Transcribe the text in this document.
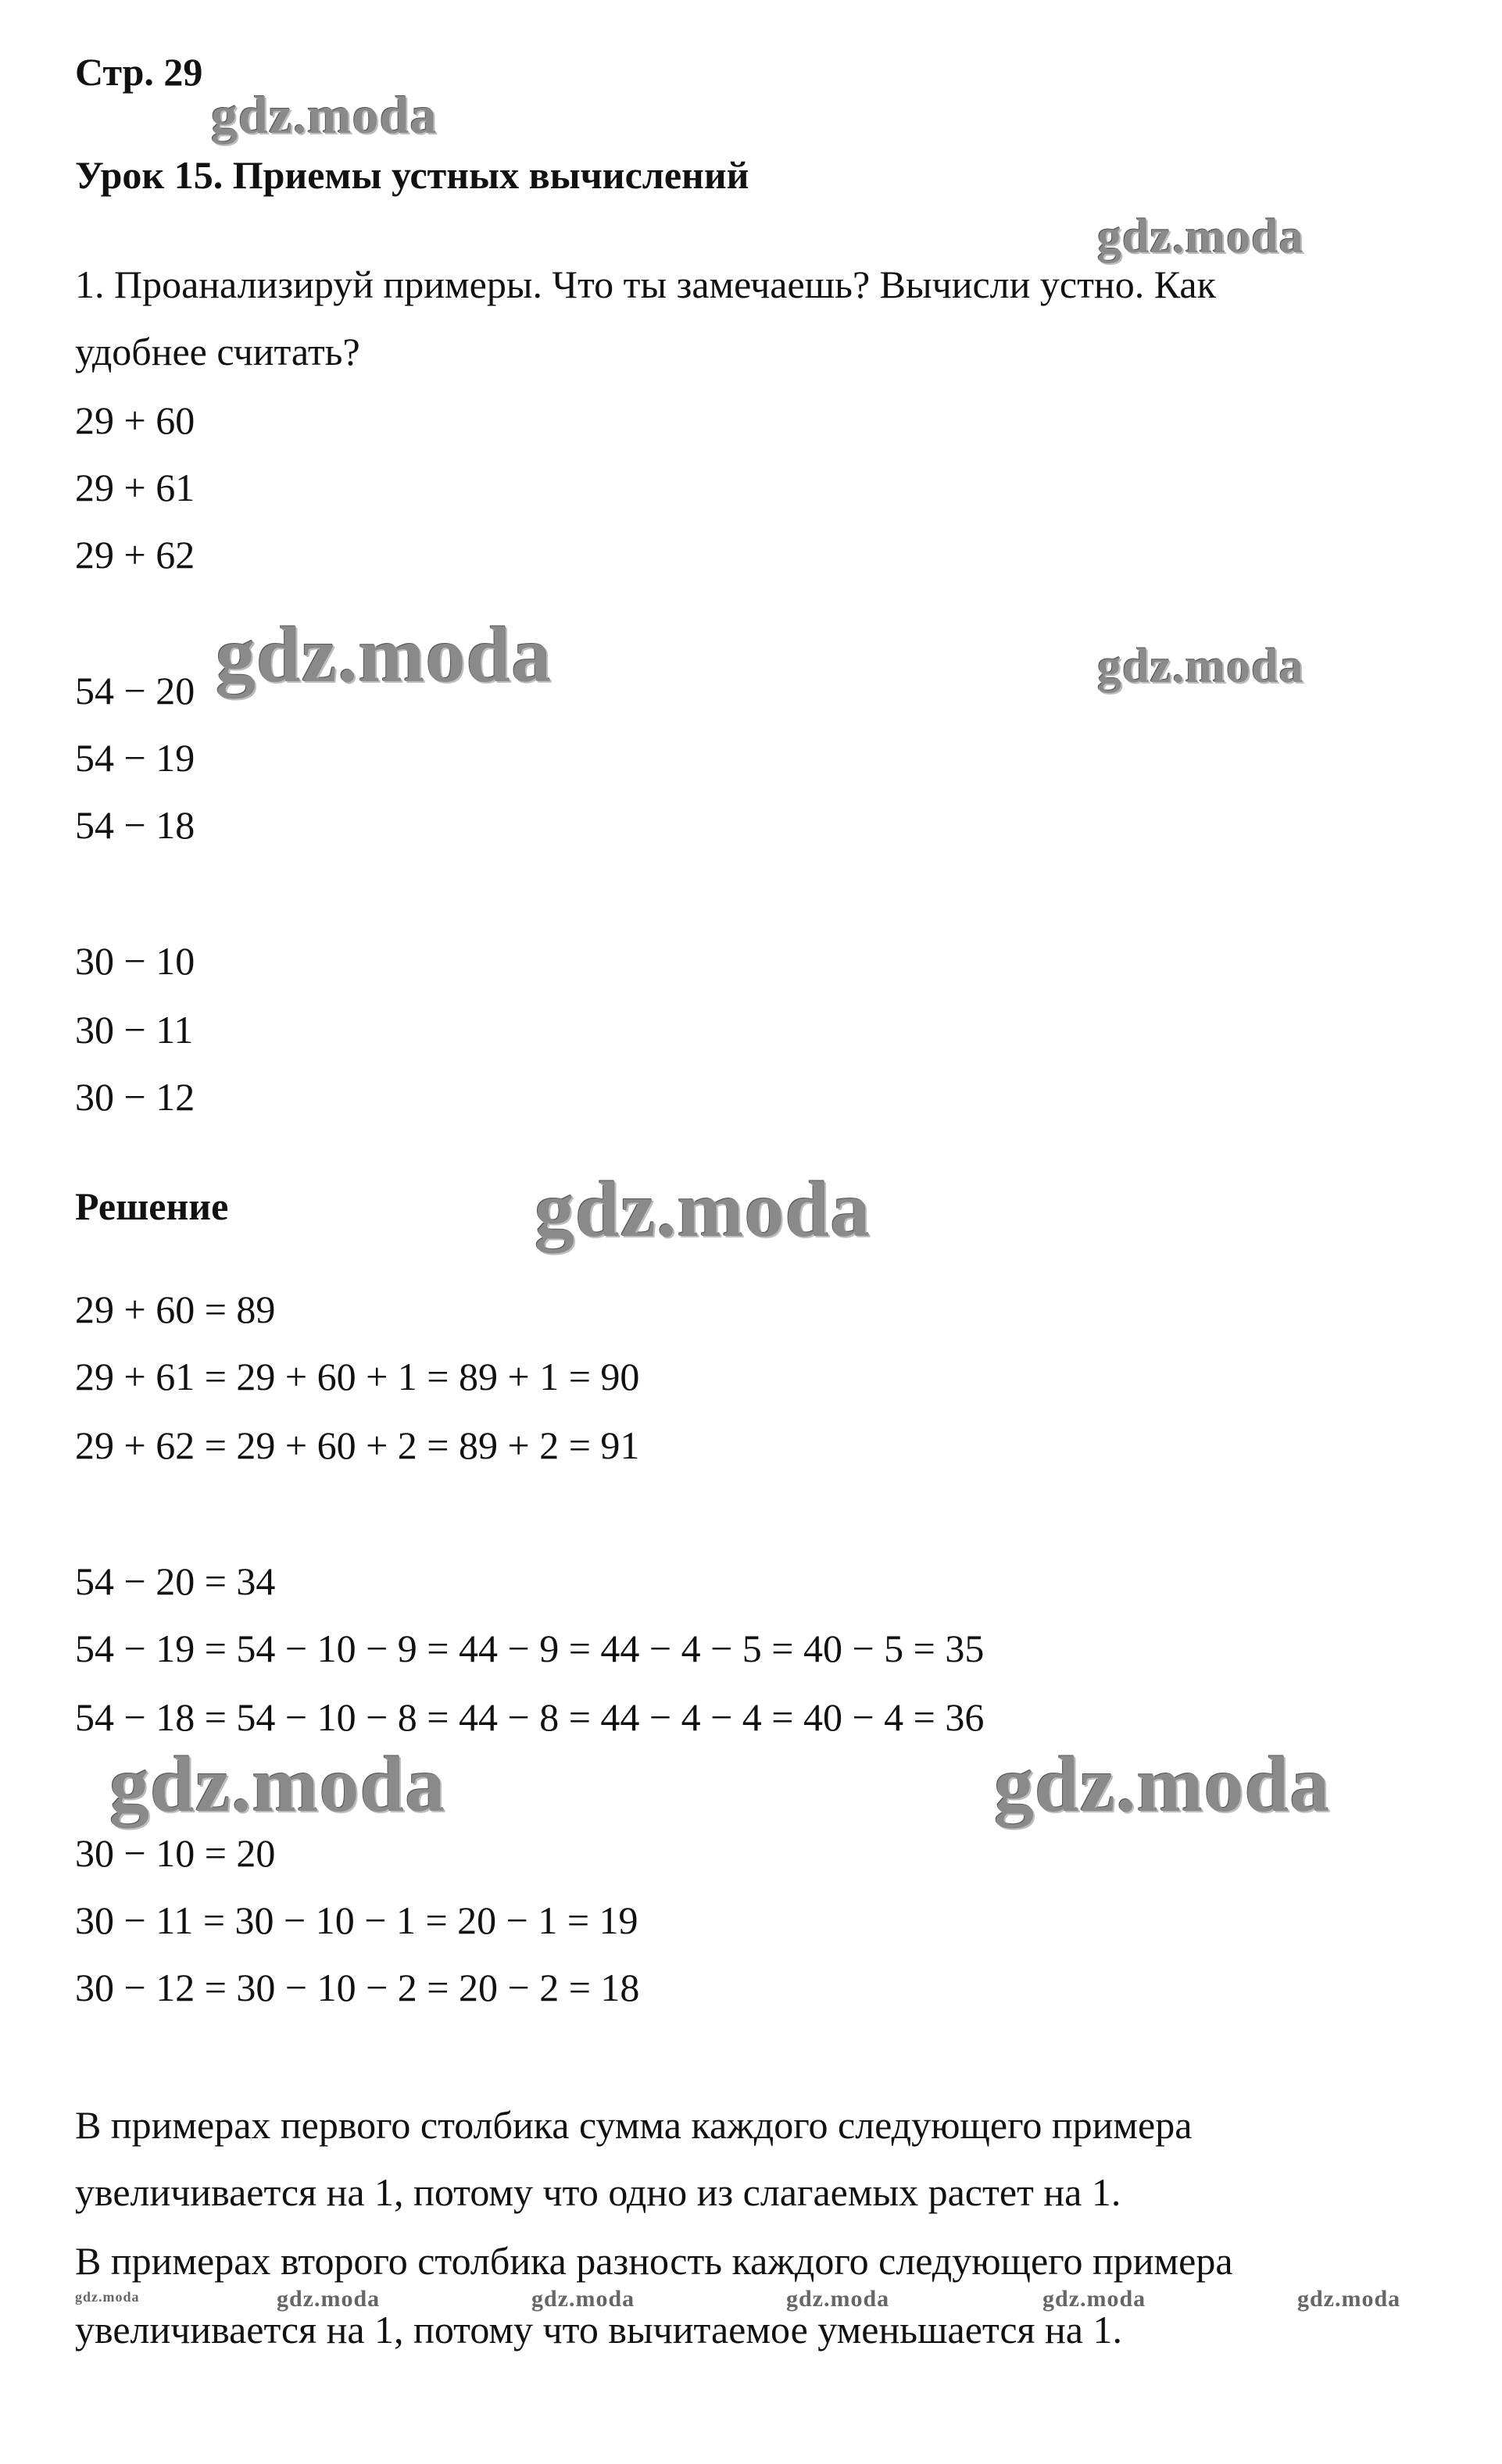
Стр. 29
Урок 15. Приемы устных вычислений
1. Проанализируй примеры. Что ты замечаешь? Вычисли устно. Как
удобнее считать?
29 + 60
29 + 61
29 + 62
54 − 20
54 − 19
54 − 18
30 − 10
30 − 11
30 − 12
Решение
29 + 60 = 89
29 + 61 = 29 + 60 + 1 = 89 + 1 = 90
29 + 62 = 29 + 60 + 2 = 89 + 2 = 91
54 − 20 = 34
54 − 19 = 54 − 10 − 9 = 44 − 9 = 44 − 4 − 5 = 40 − 5 = 35
54 − 18 = 54 − 10 − 8 = 44 − 8 = 44 − 4 − 4 = 40 − 4 = 36
30 − 10 = 20
30 − 11 = 30 − 10 − 1 = 20 − 1 = 19
30 − 12 = 30 − 10 − 2 = 20 − 2 = 18
В примерах первого столбика сумма каждого следующего примера
увеличивается на 1, потому что одно из слагаемых растет на 1.
В примерах второго столбика разность каждого следующего примера
увеличивается на 1, потому что вычитаемое уменьшается на 1.
gdz.moda
gdz.moda
gdz.moda	gdz.moda
gdz.moda
gdz.moda	gdz.moda
gdz.moda	gdz.moda	gdz.moda	gdz.moda	gdz.moda	gdz.moda
